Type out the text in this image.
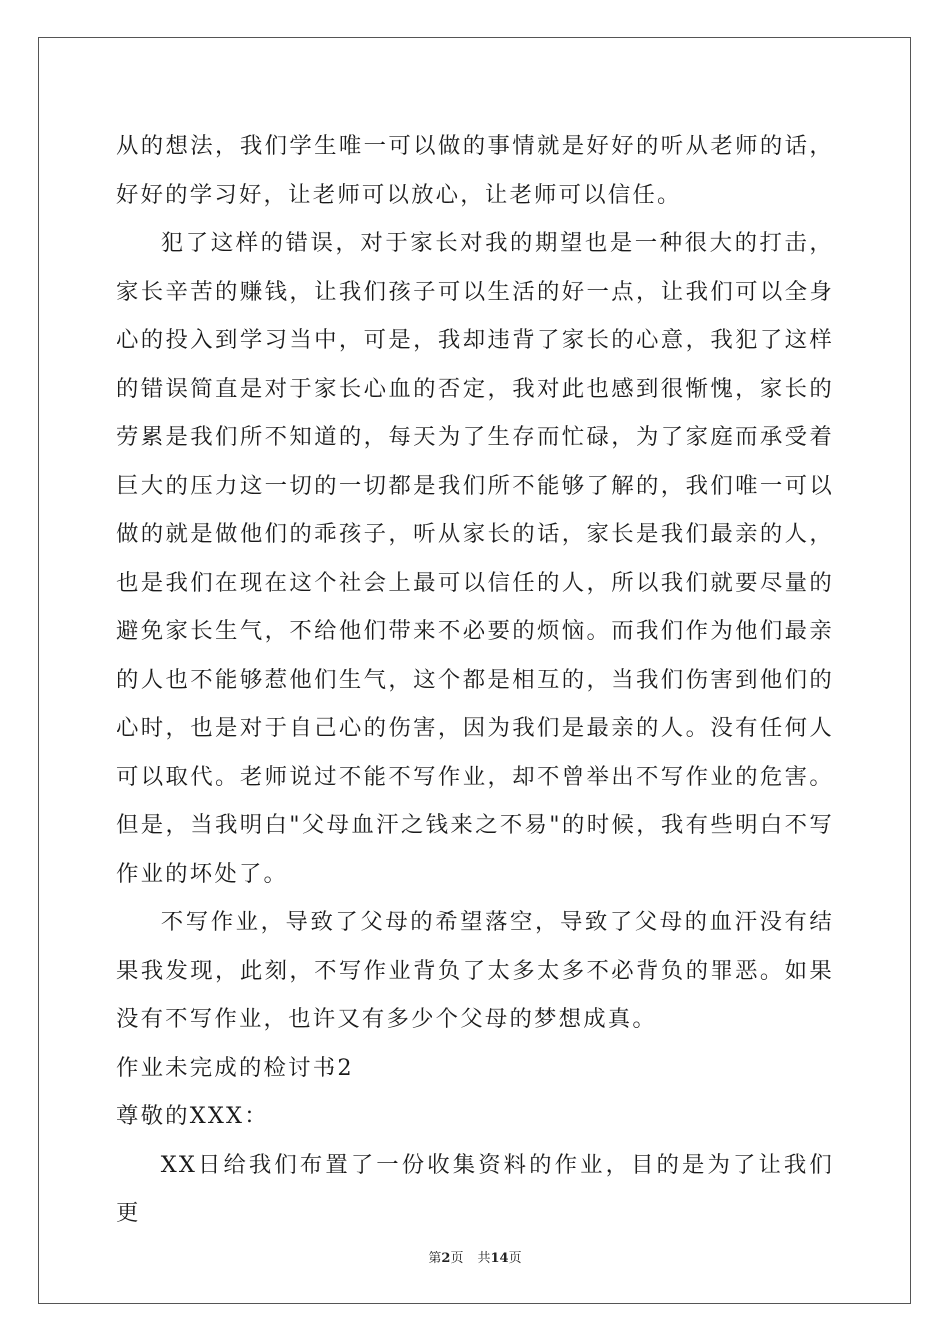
从的想法，我们学生唯一可以做的事情就是好好的听从老师的话，好好的学习好，让老师可以放心，让老师可以信任。

犯了这样的错误，对于家长对我的期望也是一种很大的打击，家长辛苦的赚钱，让我们孩子可以生活的好一点，让我们可以全身心的投入到学习当中，可是，我却违背了家长的心意，我犯了这样的错误简直是对于家长心血的否定，我对此也感到很惭愧，家长的劳累是我们所不知道的，每天为了生存而忙碌，为了家庭而承受着巨大的压力这一切的一切都是我们所不能够了解的，我们唯一可以做的就是做他们的乖孩子，听从家长的话，家长是我们最亲的人，也是我们在现在这个社会上最可以信任的人，所以我们就要尽量的避免家长生气，不给他们带来不必要的烦恼。而我们作为他们最亲的人也不能够惹他们生气，这个都是相互的，当我们伤害到他们的心时，也是对于自己心的伤害，因为我们是最亲的人。没有任何人可以取代。老师说过不能不写作业，却不曾举出不写作业的危害。但是，当我明白"父母血汗之钱来之不易"的时候，我有些明白不写作业的坏处了。

不写作业，导致了父母的希望落空，导致了父母的血汗没有结果我发现，此刻，不写作业背负了太多太多不必背负的罪恶。如果没有不写作业，也许又有多少个父母的梦想成真。

作业未完成的检讨书2

尊敬的XXX：

XX日给我们布置了一份收集资料的作业，目的是为了让我们更

第2页 共14页
